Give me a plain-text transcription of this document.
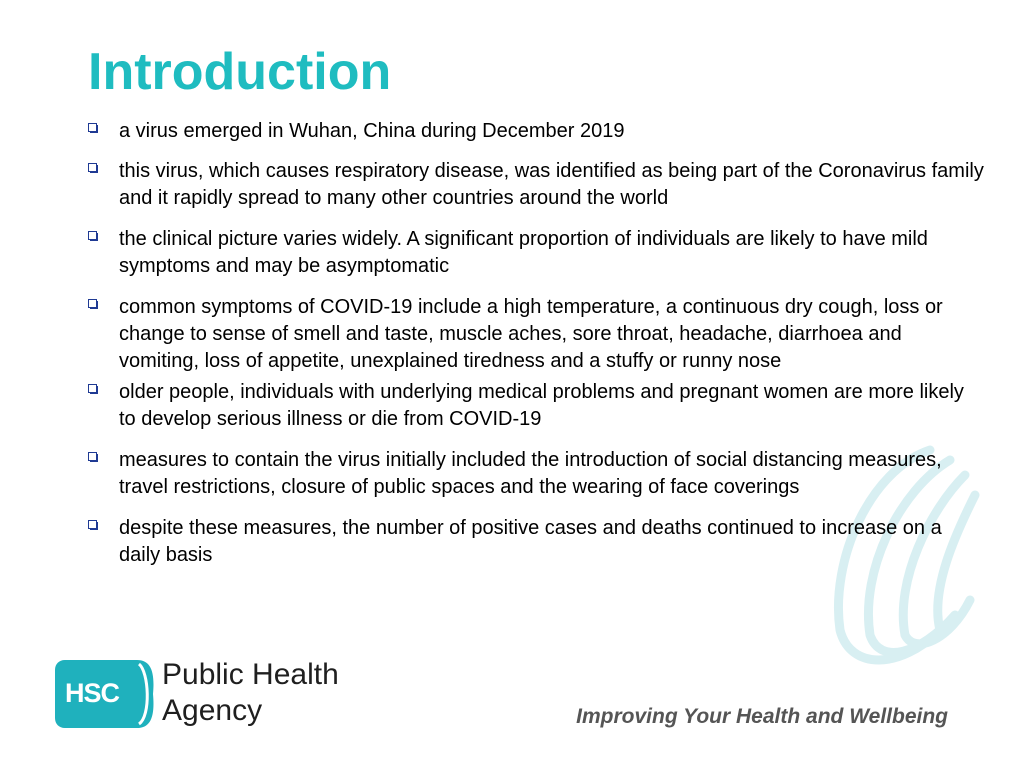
Introduction
a virus emerged in Wuhan, China during December 2019
this virus, which causes respiratory disease, was identified as being part of the Coronavirus family and it rapidly spread to many other countries around the world
the clinical picture varies widely. A significant proportion of individuals are likely to have mild symptoms and may be asymptomatic
common symptoms of COVID-19 include a high temperature, a continuous dry cough, loss or change to sense of smell and taste, muscle aches, sore throat, headache, diarrhoea and vomiting, loss of appetite, unexplained tiredness and a stuffy or runny nose
older people, individuals with underlying medical problems and pregnant women are more likely to develop serious illness or die from COVID-19
measures to contain the virus initially included the introduction of social distancing measures, travel restrictions, closure of public spaces and the wearing of face coverings
despite these measures, the number of positive cases and deaths continued to increase on a daily basis
HSC
Public Health
Agency	Improving Your Health and Wellbeing
